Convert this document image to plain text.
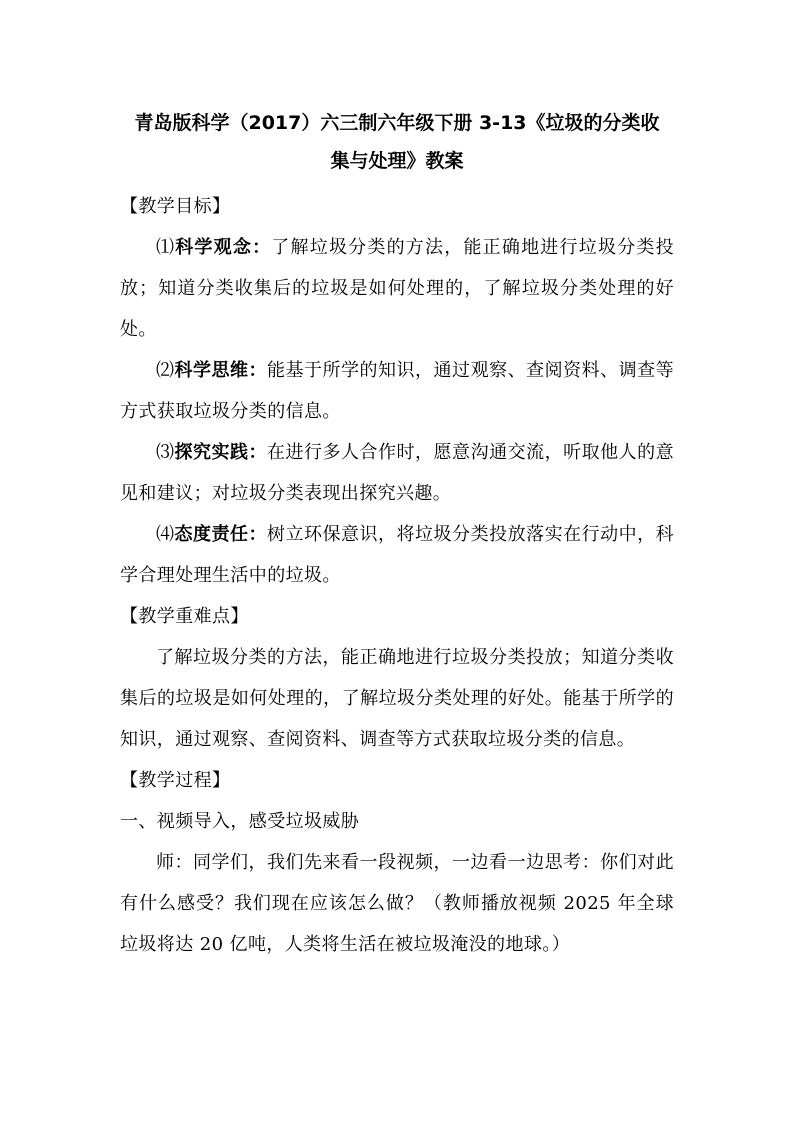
青岛版科学（2017）六三制六年级下册 3-13《垃圾的分类收
集与处理》教案

【教学目标】

⑴科学观念：了解垃圾分类的方法，能正确地进行垃圾分类投放；知道分类收集后的垃圾是如何处理的，了解垃圾分类处理的好处。

⑵科学思维：能基于所学的知识，通过观察、查阅资料、调查等方式获取垃圾分类的信息。

⑶探究实践：在进行多人合作时，愿意沟通交流，听取他人的意见和建议；对垃圾分类表现出探究兴趣。

⑷态度责任：树立环保意识，将垃圾分类投放落实在行动中，科学合理处理生活中的垃圾。

【教学重难点】

了解垃圾分类的方法，能正确地进行垃圾分类投放；知道分类收集后的垃圾是如何处理的，了解垃圾分类处理的好处。能基于所学的知识，通过观察、查阅资料、调查等方式获取垃圾分类的信息。

【教学过程】

一、视频导入，感受垃圾威胁

师：同学们，我们先来看一段视频，一边看一边思考：你们对此有什么感受？我们现在应该怎么做？（教师播放视频 2025 年全球垃圾将达 20 亿吨，人类将生活在被垃圾淹没的地球。）
